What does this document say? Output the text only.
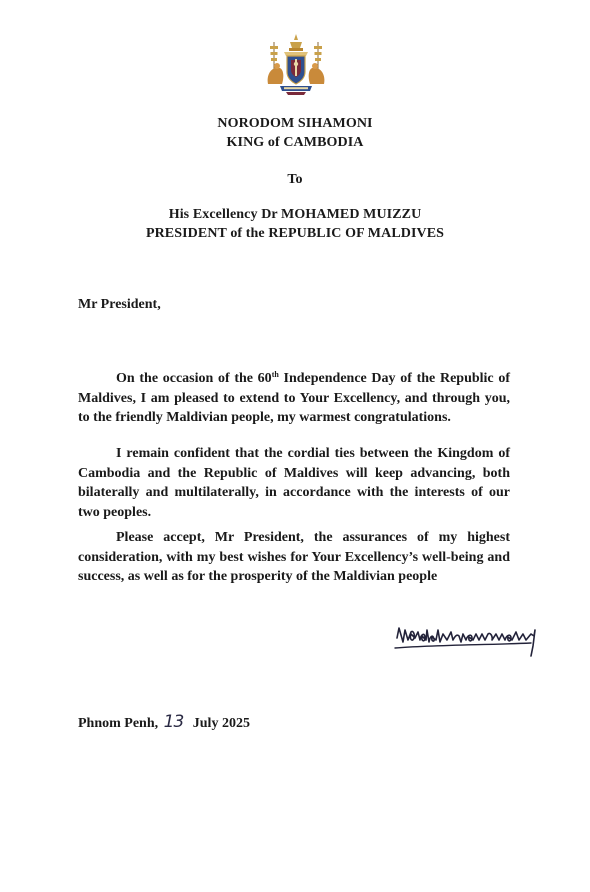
NORODOM SIHAMONI
KING of CAMBODIA
To
His Excellency Dr MOHAMED MUIZZU
PRESIDENT of the REPUBLIC OF MALDIVES
Mr President,

On the occasion of the 60th Independence Day of the Republic of Maldives, I am pleased to extend to Your Excellency, and through you, to the friendly Maldivian people, my warmest congratulations.

I remain confident that the cordial ties between the Kingdom of Cambodia and the Republic of Maldives will keep advancing, both bilaterally and multilaterally, in accordance with the interests of our two peoples.

Please accept, Mr President, the assurances of my highest consideration, with my best wishes for Your Excellency’s well-being and success, as well as for the prosperity of the Maldivian people

Phnom Penh, 13 July 2025
